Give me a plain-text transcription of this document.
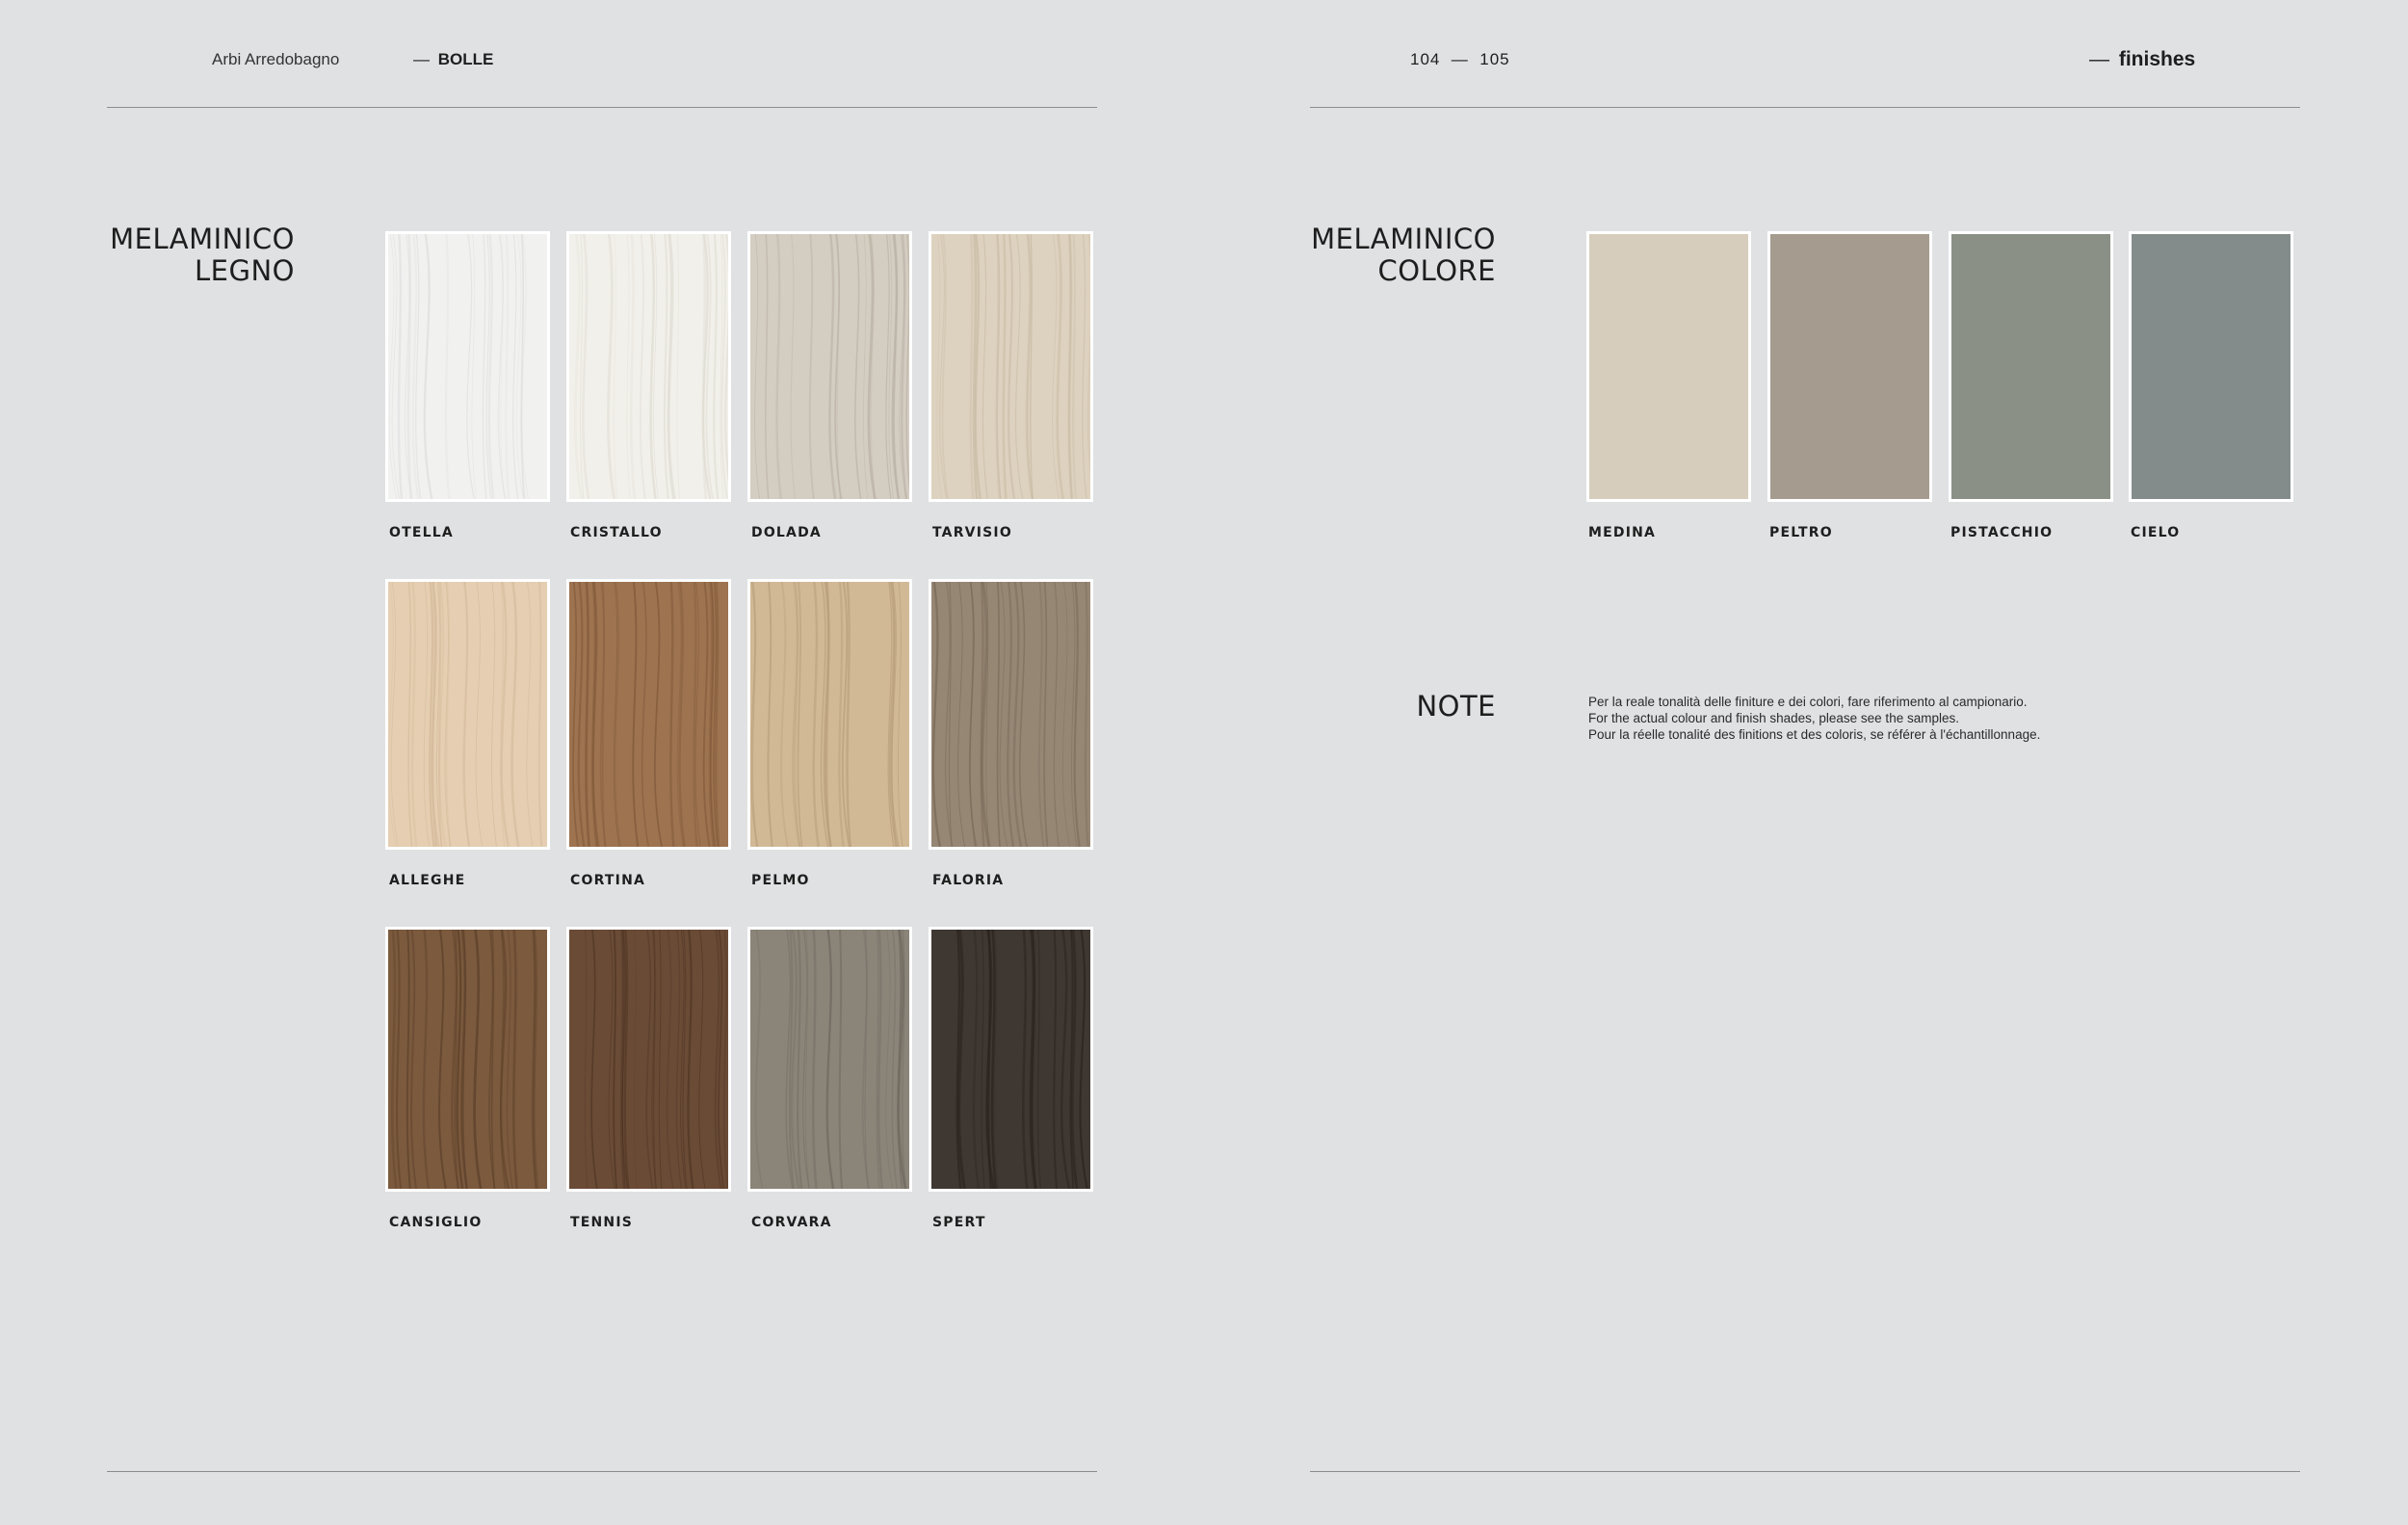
Arbi Arredobagno	— BOLLE	104  —  105	— finishes
MELAMINICO
LEGNO
OTELLA	CRISTALLO	DOLADA	TARVISIO
ALLEGHE	CORTINA	PELMO	FALORIA
CANSIGLIO	TENNIS	CORVARA	SPERT
MELAMINICO
COLORE
MEDINA	PELTRO	PISTACCHIO	CIELO
NOTE	Per la reale tonalità delle finiture e dei colori, fare riferimento al campionario.
For the actual colour and finish shades, please see the samples.
Pour la réelle tonalité des finitions et des coloris, se référer à l'échantillonnage.
